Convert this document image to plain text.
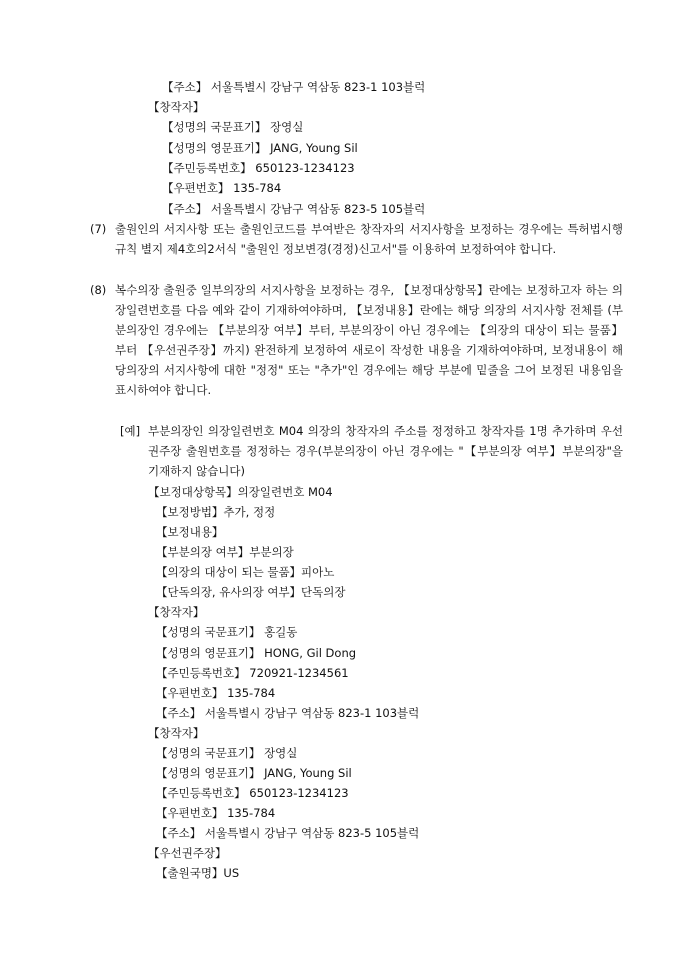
【주소】 서울특별시 강남구 역삼동 823-1 103블럭
【창작자】
【성명의 국문표기】 장영실
【성명의 영문표기】 JANG, Young Sil
【주민등록번호】 650123-1234123
【우편번호】 135-784
【주소】 서울특별시 강남구 역삼동 823-5 105블럭
(7) 출원인의 서지사항 또는 출원인코드를 부여받은 창작자의 서지사항을 보정하는 경우에는 특허법시행규칙 별지 제4호의2서식 "출원인 정보변경(경정)신고서"를 이용하여 보정하여야 합니다.
(8) 복수의장 출원중 일부의장의 서지사항을 보정하는 경우, 【보정대상항목】란에는 보정하고자 하는 의장일련번호를 다음 예와 같이 기재하여야하며, 【보정내용】란에는 해당 의장의 서지사항 전체를 (부분의장인 경우에는 【부분의장 여부】부터, 부분의장이 아닌 경우에는 【의장의 대상이 되는 물품】부터 【우선권주장】까지) 완전하게 보정하여 새로이 작성한 내용을 기재하여야하며, 보정내용이 해당의장의 서지사항에 대한 "정정" 또는 "추가"인 경우에는 해당 부분에 밑줄을 그어 보정된 내용임을 표시하여야 합니다.
[예] 부분의장인 의장일련번호 M04 의장의 창작자의 주소를 정정하고 창작자를 1명 추가하며 우선권주장 출원번호를 정정하는 경우(부분의장이 아닌 경우에는 "【부분의장 여부】부분의장"을 기재하지 않습니다)
【보정대상항목】의장일련번호 M04
【보정방법】추가, 정정
【보정내용】
【부분의장 여부】부분의장
【의장의 대상이 되는 물품】피아노
【단독의장, 유사의장 여부】단독의장
【창작자】
【성명의 국문표기】 홍길동
【성명의 영문표기】 HONG, Gil Dong
【주민등록번호】 720921-1234561
【우편번호】 135-784
【주소】 서울특별시 강남구 역삼동 823-1 103블럭
【창작자】
【성명의 국문표기】 장영실
【성명의 영문표기】 JANG, Young Sil
【주민등록번호】 650123-1234123
【우편번호】 135-784
【주소】 서울특별시 강남구 역삼동 823-5 105블럭
【우선권주장】
【출원국명】US
